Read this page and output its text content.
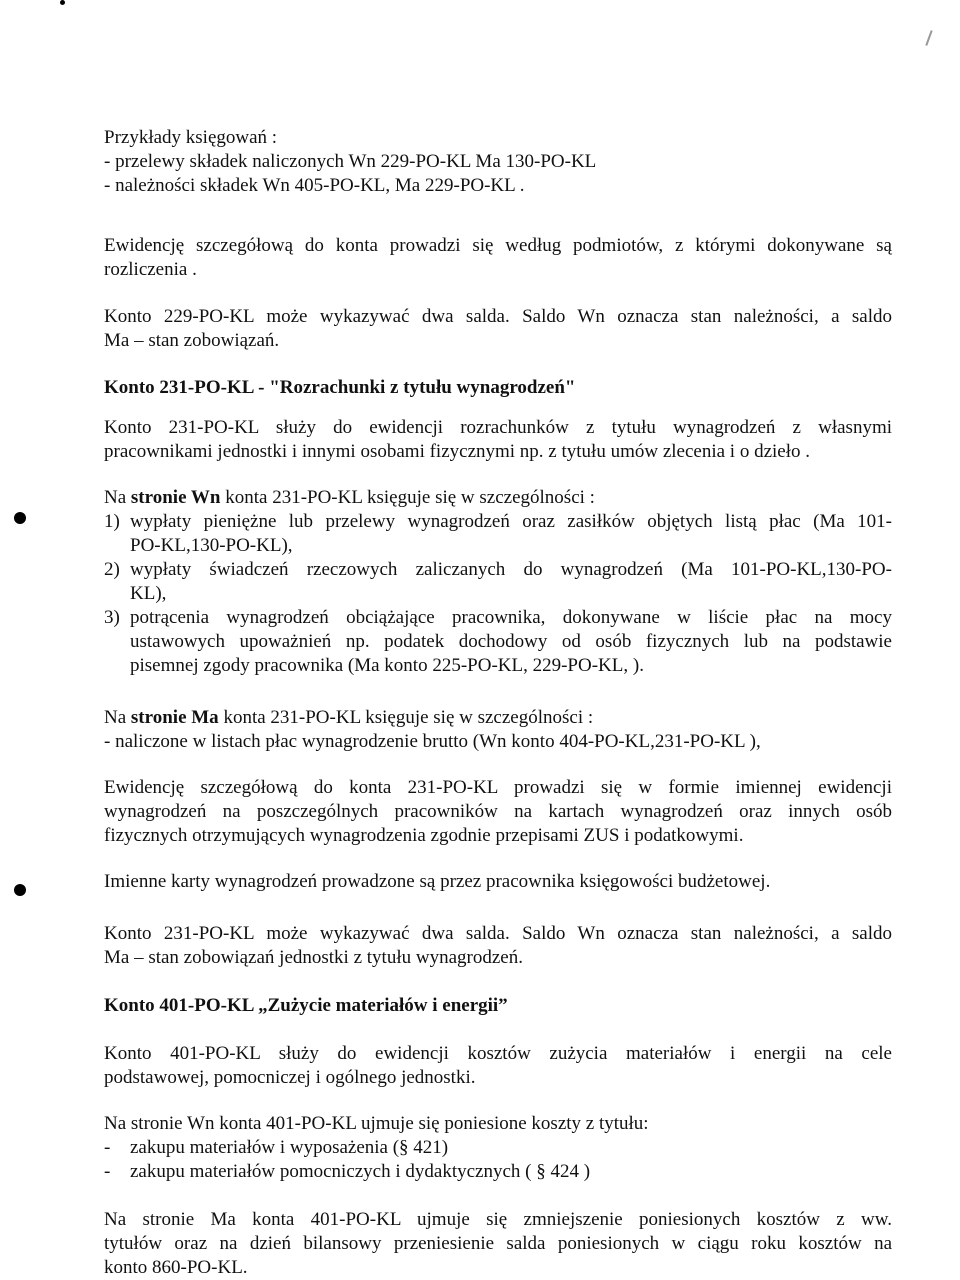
Przykłady księgowań :
- przelewy składek naliczonych Wn 229-PO-KL Ma 130-PO-KL
- należności składek Wn 405-PO-KL, Ma 229-PO-KL .
Ewidencję szczegółową do konta prowadzi się według podmiotów, z którymi dokonywane są
rozliczenia .
Konto 229-PO-KL może wykazywać dwa salda. Saldo Wn oznacza stan należności, a saldo
Ma – stan zobowiązań.
Konto 231-PO-KL - "Rozrachunki z tytułu wynagrodzeń"
Konto 231-PO-KL służy do ewidencji rozrachunków z tytułu wynagrodzeń z własnymi
pracownikami jednostki i innymi osobami fizycznymi np. z tytułu umów zlecenia i o dzieło .
Na stronie Wn konta 231-PO-KL księguje się w szczególności :
1) wypłaty pieniężne lub przelewy wynagrodzeń oraz zasiłków objętych listą płac (Ma 101-
PO-KL,130-PO-KL),
2) wypłaty świadczeń rzeczowych zaliczanych do wynagrodzeń (Ma 101-PO-KL,130-PO-
KL),
3) potrącenia wynagrodzeń obciążające pracownika, dokonywane w liście płac na mocy
ustawowych upoważnień np. podatek dochodowy od osób fizycznych lub na podstawie
pisemnej zgody pracownika (Ma konto 225-PO-KL, 229-PO-KL, ).
Na stronie Ma konta 231-PO-KL księguje się w szczególności :
- naliczone w listach płac wynagrodzenie brutto (Wn konto 404-PO-KL,231-PO-KL ),
Ewidencję szczegółową do konta 231-PO-KL prowadzi się w formie imiennej ewidencji
wynagrodzeń na poszczególnych pracowników na kartach wynagrodzeń oraz innych osób
fizycznych otrzymujących wynagrodzenia zgodnie przepisami ZUS i podatkowymi.
Imienne karty wynagrodzeń prowadzone są przez pracownika księgowości budżetowej.
Konto 231-PO-KL może wykazywać dwa salda. Saldo Wn oznacza stan należności, a saldo
Ma – stan zobowiązań jednostki z tytułu wynagrodzeń.
Konto 401-PO-KL „Zużycie materiałów i energii”
Konto 401-PO-KL służy do ewidencji kosztów zużycia materiałów i energii na cele
podstawowej, pomocniczej i ogólnego jednostki.
Na stronie Wn konta 401-PO-KL ujmuje się poniesione koszty z tytułu:
- zakupu materiałów i wyposażenia (§ 421)
- zakupu materiałów pomocniczych i dydaktycznych ( § 424 )
Na stronie Ma konta 401-PO-KL ujmuje się zmniejszenie poniesionych kosztów z ww.
tytułów oraz na dzień bilansowy przeniesienie salda poniesionych w ciągu roku kosztów na
konto 860-PO-KL.
